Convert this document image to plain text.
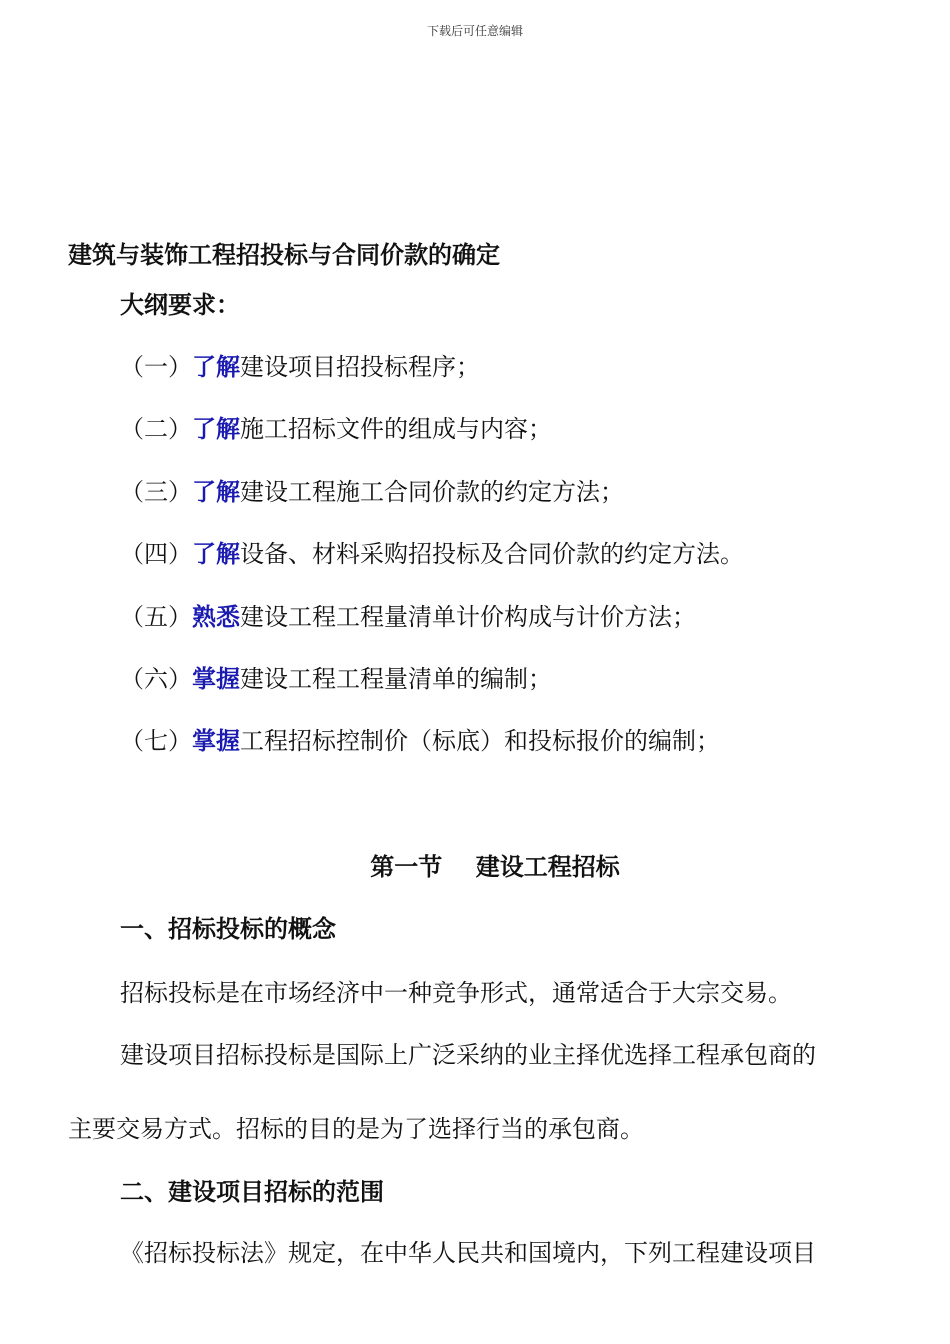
下载后可任意编辑
建筑与装饰工程招投标与合同价款的确定
大纲要求：
（一）了解建设项目招投标程序；
（二）了解施工招标文件的组成与内容；
（三）了解建设工程施工合同价款的约定方法；
（四）了解设备、材料采购招投标及合同价款的约定方法。
（五）熟悉建设工程工程量清单计价构成与计价方法；
（六）掌握建设工程工程量清单的编制；
（七）掌握工程招标控制价（标底）和投标报价的编制；
第一节    建设工程招标
一、招标投标的概念
招标投标是在市场经济中一种竞争形式，通常适合于大宗交易。
建设项目招标投标是国际上广泛采纳的业主择优选择工程承包商的
主要交易方式。招标的目的是为了选择行当的承包商。
二、建设项目招标的范围
《招标投标法》规定，在中华人民共和国境内，下列工程建设项目
